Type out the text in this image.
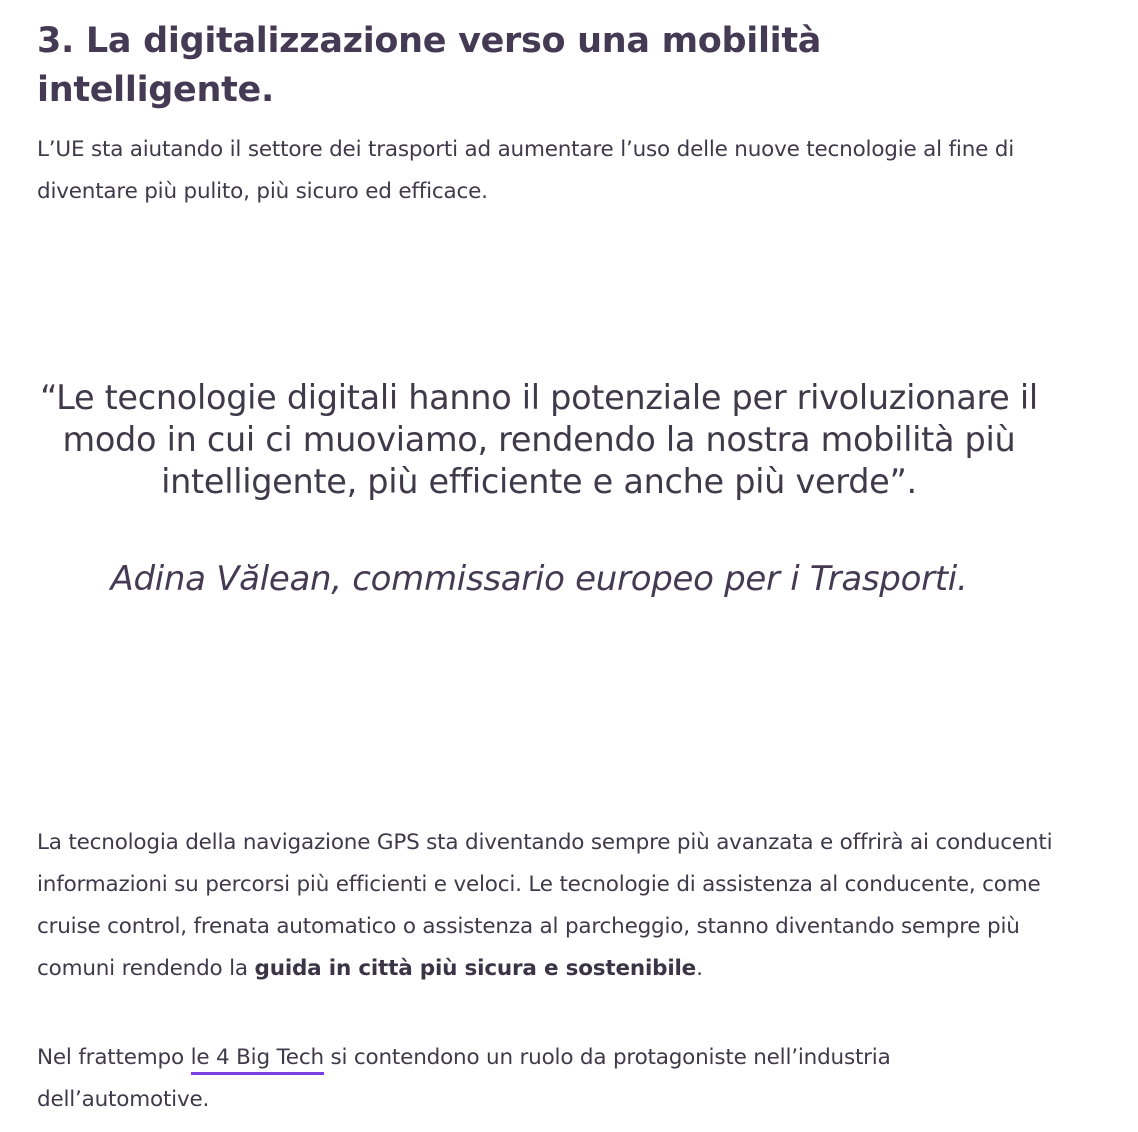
3. La digitalizzazione verso una mobilità intelligente.

L’UE sta aiutando il settore dei trasporti ad aumentare l’uso delle nuove tecnologie al fine di diventare più pulito, più sicuro ed efficace.

“Le tecnologie digitali hanno il potenziale per rivoluzionare il modo in cui ci muoviamo, rendendo la nostra mobilità più intelligente, più efficiente e anche più verde”.

Adina Vălean, commissario europeo per i Trasporti.

La tecnologia della navigazione GPS sta diventando sempre più avanzata e offrirà ai conducenti informazioni su percorsi più efficienti e veloci. Le tecnologie di assistenza al conducente, come cruise control, frenata automatico o assistenza al parcheggio, stanno diventando sempre più comuni rendendo la guida in città più sicura e sostenibile.

Nel frattempo le 4 Big Tech si contendono un ruolo da protagoniste nell’industria dell’automotive.
